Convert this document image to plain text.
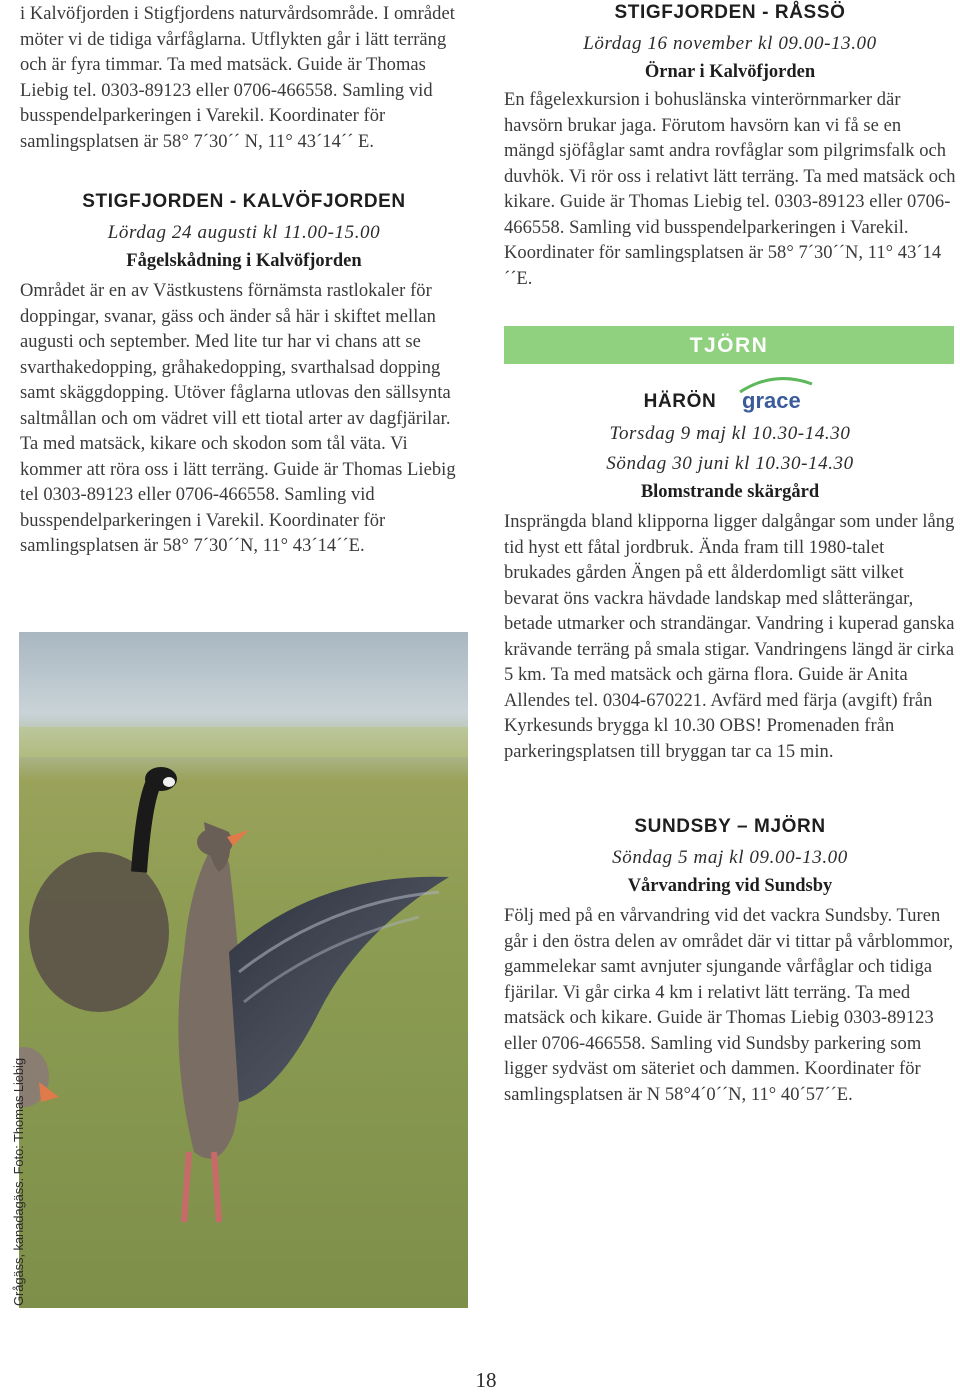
i Kalvöfjorden i Stigfjordens naturvårdsområde. I området möter vi de tidiga vårfåglarna. Utflykten går i lätt terräng och är fyra timmar. Ta med matsäck. Guide är Thomas Liebig tel. 0303-89123 eller 0706-466558. Samling vid busspendelparkeringen i Varekil. Koordinater för samlingsplatsen är 58° 7´30´´ N, 11° 43´14´´ E.

STIGFJORDEN - KALVÖFJORDEN
Lördag 24 augusti kl 11.00-15.00
Fågelskådning i Kalvöfjorden

Området är en av Västkustens förnämsta rastlokaler för doppingar, svanar, gäss och änder så här i skiftet mellan augusti och september. Med lite tur har vi chans att se svarthakedopping, gråhakedopping, svarthalsad dopping samt skäggdopping. Utöver fåglarna utlovas den sällsynta saltmållan och om vädret vill ett tiotal arter av dagfjärilar. Ta med matsäck, kikare och skodon som tål väta. Vi kommer att röra oss i lätt terräng. Guide är Thomas Liebig tel 0303-89123 eller 0706-466558. Samling vid busspendelparkeringen i Varekil. Koordinater för samlingsplatsen är 58° 7´30´´N, 11° 43´14´´E.

Grågäss, kanadagäss. Foto: Thomas Liebig
STIGFJORDEN - RÅSSÖ
Lördag 16 november kl 09.00-13.00
Örnar i Kalvöfjorden

En fågelexkursion i bohuslänska vinterörnmarker där havsörn brukar jaga. Förutom havsörn kan vi få se en mängd sjöfåglar samt andra rovfåglar som pilgrimsfalk och duvhök. Vi rör oss i relativt lätt terräng. Ta med matsäck och kikare. Guide är Thomas Liebig tel. 0303-89123 eller 0706-466558. Samling vid busspendelparkeringen i Varekil. Koordinater för samlingsplatsen är 58° 7´30´´N, 11° 43´14´´E.

TJÖRN
HÄRÖN grace
Torsdag 9 maj kl 10.30-14.30
Söndag 30 juni kl 10.30-14.30
Blomstrande skärgård

Insprängda bland klipporna ligger dalgångar som under lång tid hyst ett fåtal jordbruk. Ända fram till 1980-talet brukades gården Ängen på ett ålderdomligt sätt vilket bevarat öns vackra hävdade landskap med slåtterängar, betade utmarker och strandängar. Vandring i kuperad ganska krävande terräng på smala stigar. Vandringens längd är cirka 5 km. Ta med matsäck och gärna flora. Guide är Anita Allendes tel. 0304-670221. Avfärd med färja (avgift) från Kyrkesunds brygga kl 10.30 OBS! Promenaden från parkeringsplatsen till bryggan tar ca 15 min.

SUNDSBY – MJÖRN
Söndag 5 maj kl 09.00-13.00
Vårvandring vid Sundsby

Följ med på en vårvandring vid det vackra Sundsby. Turen går i den östra delen av området där vi tittar på vårblommor, gammelekar samt avnjuter sjungande vårfåglar och tidiga fjärilar. Vi går cirka 4 km i relativt lätt terräng. Ta med matsäck och kikare. Guide är Thomas Liebig 0303-89123 eller 0706-466558. Samling vid Sundsby parkering som ligger sydväst om säteriet och dammen. Koordinater för samlingsplatsen är N 58°4´0´´N, 11° 40´57´´E.

18
